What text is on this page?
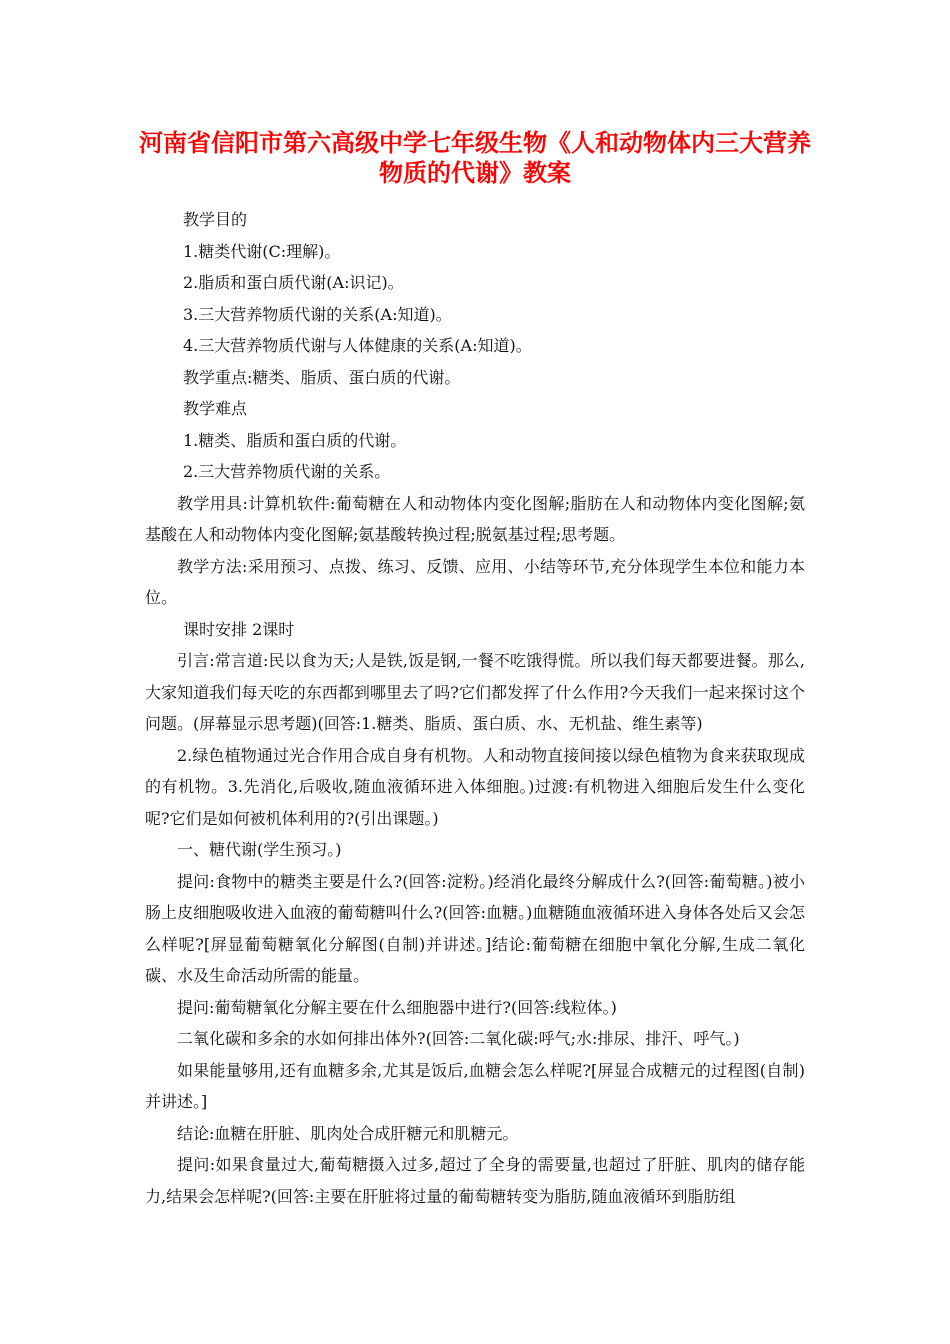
河南省信阳市第六高级中学七年级生物《人和动物体内三大营养物质的代谢》教案

教学目的

1.糖类代谢(C:理解)。

2.脂质和蛋白质代谢(A:识记)。

3.三大营养物质代谢的关系(A:知道)。

4.三大营养物质代谢与人体健康的关系(A:知道)。

教学重点:糖类、脂质、蛋白质的代谢。

教学难点

1.糖类、脂质和蛋白质的代谢。

2.三大营养物质代谢的关系。

教学用具:计算机软件:葡萄糖在人和动物体内变化图解;脂肪在人和动物体内变化图解;氨基酸在人和动物体内变化图解;氨基酸转换过程;脱氨基过程;思考题。

教学方法:采用预习、点拨、练习、反馈、应用、小结等环节,充分体现学生本位和能力本位。

课时安排 2课时

引言:常言道:民以食为天;人是铁,饭是钢,一餐不吃饿得慌。所以我们每天都要进餐。那么,大家知道我们每天吃的东西都到哪里去了吗?它们都发挥了什么作用?今天我们一起来探讨这个问题。(屏幕显示思考题)(回答:1.糖类、脂质、蛋白质、水、无机盐、维生素等)

2.绿色植物通过光合作用合成自身有机物。人和动物直接间接以绿色植物为食来获取现成的有机物。3.先消化,后吸收,随血液循环进入体细胞。)过渡:有机物进入细胞后发生什么变化呢?它们是如何被机体利用的?(引出课题。)

一、糖代谢(学生预习。)

提问:食物中的糖类主要是什么?(回答:淀粉。)经消化最终分解成什么?(回答:葡萄糖。)被小肠上皮细胞吸收进入血液的葡萄糖叫什么?(回答:血糖。)血糖随血液循环进入身体各处后又会怎么样呢?[屏显葡萄糖氧化分解图(自制)并讲述。]结论:葡萄糖在细胞中氧化分解,生成二氧化碳、水及生命活动所需的能量。

提问:葡萄糖氧化分解主要在什么细胞器中进行?(回答:线粒体。)

二氧化碳和多余的水如何排出体外?(回答:二氧化碳:呼气;水:排尿、排汗、呼气。)

如果能量够用,还有血糖多余,尤其是饭后,血糖会怎么样呢?[屏显合成糖元的过程图(自制)并讲述。]

结论:血糖在肝脏、肌肉处合成肝糖元和肌糖元。

提问:如果食量过大,葡萄糖摄入过多,超过了全身的需要量,也超过了肝脏、肌肉的储存能力,结果会怎样呢?(回答:主要在肝脏将过量的葡萄糖转变为脂肪,随血液循环到脂肪组
